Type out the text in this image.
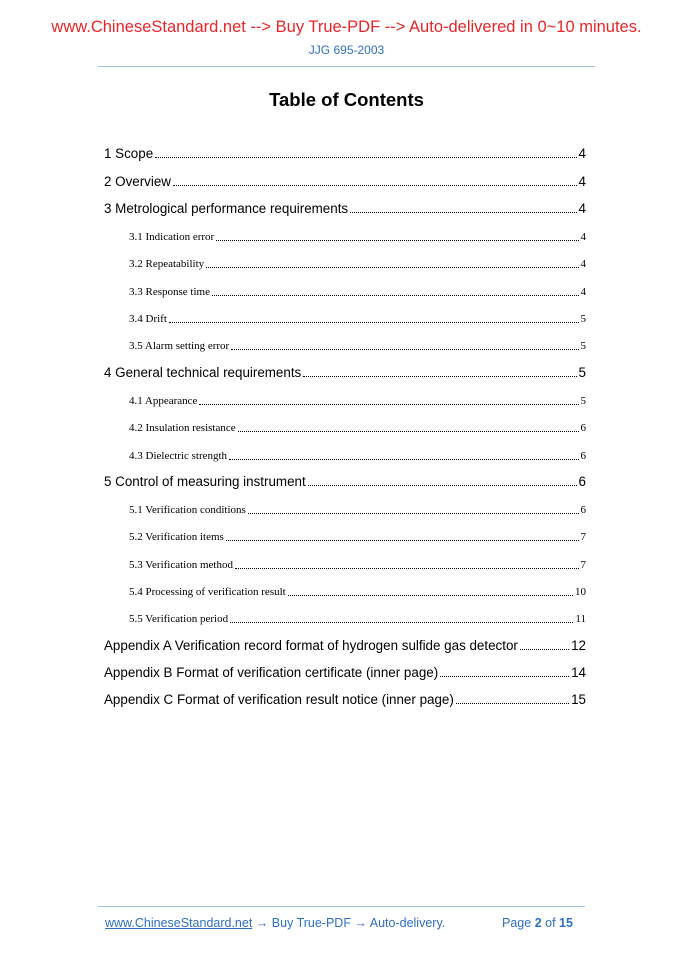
www.ChineseStandard.net --> Buy True-PDF --> Auto-delivered in 0~10 minutes.
JJG 695-2003
Table of Contents
1 Scope	4
2 Overview	4
3 Metrological performance requirements	4
3.1 Indication error	4
3.2 Repeatability	4
3.3 Response time	4
3.4 Drift	5
3.5 Alarm setting error	5
4 General technical requirements	5
4.1 Appearance	5
4.2 Insulation resistance	6
4.3 Dielectric strength	6
5 Control of measuring instrument	6
5.1 Verification conditions	6
5.2 Verification items	7
5.3 Verification method	7
5.4 Processing of verification result	10
5.5 Verification period	11
Appendix A Verification record format of hydrogen sulfide gas detector	12
Appendix B Format of verification certificate (inner page)	14
Appendix C Format of verification result notice (inner page)	15
www.ChineseStandard.net → Buy True-PDF → Auto-delivery.	Page 2 of 15
